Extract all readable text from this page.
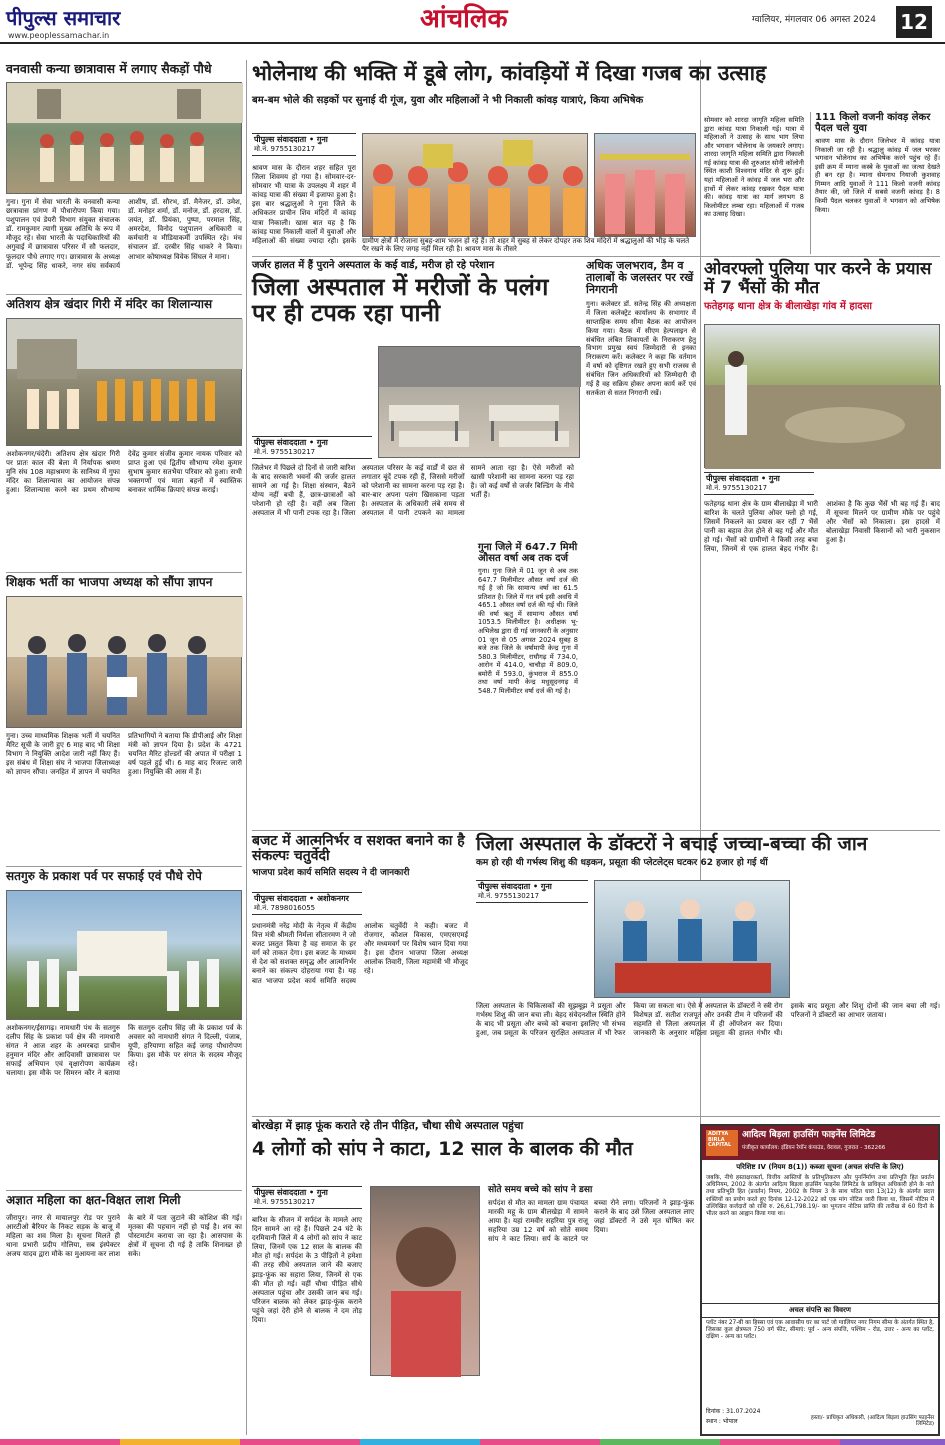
पीपुल्स समाचार
www.peoplessamachar.in
आंचलिक	ग्वालियर, मंगलवार 06 अगस्त 2024 12
वनवासी कन्या छात्रावास में लगाए सैकड़ों पौधे
गुना। गुना में सेवा भारती के वनवासी कन्या छात्रावास प्रांगण में पौधारोपण किया गया। पशुपालन एवं डेयरी विभाग संयुक्त संचालक डॉ. रामकुमार त्यागी मुख्य अतिथि के रूप में मौजूद रहे। सेवा भारती के पदाधिकारियों की अगुवाई में छात्रावास परिसर में सौ फलदार, फूलदार पौधे लगाए गए। छात्रावास के अध्यक्ष डॉ. भूपेन्द्र सिंह धाकरे, नगर संघ सर्वकार्य आशीष, डॉ. सौरभ, डॉ. मैनेजर, डॉ. उमेश, डॉ. मनोहर शर्मा, डॉ. मनोज, डॉ. हरदास, डॉ. जयंत, डॉ. प्रियंका, पुष्पा, परमाल सिंह, अमरदेश, विनोद पशुपालन अधिकारी व कर्मचारी व मीडियाकर्मी उपस्थित रहे। मंच संचालन डॉ. दरबीर सिंह धाकरे ने किया। आभार कोषाध्यक्ष विवेक सिंघल ने माना।
अतिशय क्षेत्र खंदार गिरी में मंदिर का शिलान्यास
अशोकनगर/चंदेरी। अतिशय क्षेत्र खंदार गिरी पर प्रातः काल की बेला में निर्यापक श्रमण मुनि संघ 108 महाश्रमण के सानिध्य में गुफा मंदिर का शिलान्यास का आयोजन संपन्न हुआ। शिलान्यास करने का प्रथम सौभाग्य देवेंद्र कुमार संजीव कुमार नायक परिवार को प्राप्त हुआ एवं द्वितीय सौभाग्य रमेश कुमार सुभाष कुमार सतभैया परिवार को हुआ। सभी भक्तगणों एवं माता बहनों में स्वास्तिक बनाकर धार्मिक क्रियाएं संपन्न कराई।
शिक्षक भर्ती का भाजपा अध्यक्ष को सौंपा ज्ञापन
गुना। उच्च माध्यमिक शिक्षक भर्ती में चयनित मैरिट सूची के जारी हुए 6 माह बाद भी शिक्षा विभाग ने नियुक्ति आदेश जारी नहीं किए हैं। इस संबंध में शिक्षा संघ ने भाजपा जिलाध्यक्ष को ज्ञापन सौंपा। जनहित में ज्ञापन में चयनित प्रतिभागियों ने बताया कि डीपीआई और शिक्षा मंत्री को ज्ञापन दिया है। प्रदेश के 4721 चयनित मैरिट होल्डरों की अपात में परीक्षा 1 वर्ष पहले हुई थी। 6 माह बाद रिजल्ट जारी हुआ। नियुक्ति की आस में हैं।
सतगुरु के प्रकाश पर्व पर सफाई एवं पौधे रोपे
अशोकनगर/ईसागढ़। नामधारी पंथ के सतगुरु दलीप सिंह के प्रकाश पर्व क्षेत्र की नामधारी संगत ने आज शहर के अमरबदा प्राचीन हनुमान मंदिर और आदिवासी छात्रावास पर सफाई अभियान एवं वृक्षारोपण कार्यक्रम चलाया। इस मौके पर सिमरन कौर ने बताया कि सतगुरु दलीप सिंह जी के प्रकाश पर्व के अवसर को नामधारी संगत ने दिल्ली, पंजाब, यूपी, हरियाणा सहित कई जगह पौधारोपण किया। इस मौके पर संगत के सदस्य मौजूद रहे।
अज्ञात महिला का क्षत-विक्षत लाश मिली
जीरापुर। नगर से मायालपुर रोड पर पुराने आरटीओ बैरियर के निकट सड़क के बाजू में महिला का शव मिला है। सूचना मिलते ही थाना प्रभारी प्रदीप गोलिया, सब इंस्पेक्टर अजय यादव द्वारा मौके का मुआयना कर लाश के बारे में पता जुटाने की कोशिश की गई। मृतका की पहचान नहीं हो पाई है। शव का पोस्टमार्टम कराया जा रहा है। आसपास के क्षेत्रों में सूचना दी गई है ताकि शिनाख्त हो सके।
भोलेनाथ की भक्ति में डूबे लोग, कांवड़ियों में दिखा गजब का उत्साह
बम-बम भोले की सड़कों पर सुनाई दी गूंज, युवा और महिलाओं ने भी निकाली कांवड़ यात्राएं, किया अभिषेक
पीपुल्स संवाददाता • गुना
मो.नं. 9755130217
श्रावण मास के दौरान शहर सहित पूरा जिला शिवमय हो गया है। सोमवार-दर-सोमवार भी यात्रा के उपलक्ष्य में शहर में कांवड़ यात्रा की संख्या में इजाफा हुआ है। इस बार श्रद्धालुओं ने गुना जिले के अधिकतर प्राचीन शिव मंदिरों में कांवड़ यात्रा निकाली। खास बात यह है कि कांवड़ यात्रा निकाली वालों में युवाओं और महिलाओं की संख्या ज्यादा रही। इसके ग्रामीण क्षेत्रों में रोजाना सुबह-शाम भजन हो रहे हैं। तो शहर में सुबह से लेकर दोपहर तक शिव मंदिरों में श्रद्धालुओं की भीड़ के चलते पैर रखने के लिए जगह नहीं मिल रही है। श्रावण मास के तीसरे
सोमवार को शारदा जागृति महिला समिति द्वारा कांवड़ यात्रा निकाली गई। यात्रा में महिलाओं ने उत्साह के साथ भाग लिया और भगवान भोलेनाथ के जयकारे लगाए। शारदा जागृति महिला समिति द्वारा निकाली गई कांवड़ यात्रा की शुरुआत सोनी कॉलोनी स्थित काशी विश्वनाथ मंदिर से शुरू हुई। यहां महिलाओं ने कांवड़ में जल भरा और हाथों में लेकर कांवड़ रखकर पैदल यात्रा की। कांवड़ यात्रा का मार्ग लगभग 8 किलोमीटर लम्बा रहा। महिलाओं में गजब का उत्साह दिखा।
111 किलो वजनी कांवड़ लेकर पैदल चले युवा
श्रावण मास के दौरान जिलेभर में कांवड़ यात्रा निकाली जा रही है। श्रद्धालु कांवड़ में जल भरकर भगवान भोलेनाथ का अभिषेक करने पहुंच रहे हैं। इसी क्रम में म्याना कस्बे के युवाओं का जत्था देखते ही बन रहा है। म्याना सेमनाथ नियाजी कुशवाह गिम्मन आदि युवाओं ने 111 किलो वजनी कांवड़ तैयार की, जो जिले में सबसे वजनी कांवड़ है। 8 किमी पैदल चलकर युवाओं ने भगवान को अभिषेक किया।
जर्जर हालत में हैं पुराने अस्पताल के कई वार्ड, मरीज हो रहे परेशान
जिला अस्पताल में मरीजों के पलंग पर ही टपक रहा पानी
पीपुल्स संवाददाता • गुना
मो.नं. 9755130217
जिलेभर में पिछले दो दिनों से जारी बारिश के बाद सरकारी भवनों की जर्जर हालत सामने आ गई है। शिक्षा संस्थान, बैठने योग्य नहीं बची हैं, छात्र-छात्राओं को परेशानी हो रही है। वहीं अब जिला अस्पताल में भी पानी टपक रहा है। जिला अस्पताल परिसर के कई वार्डों में छत से लगातार बूंदें टपक रही हैं, जिससे मरीजों को परेशानी का सामना करना पड़ रहा है। बार-बार अपना पलंग खिसकाना पड़ता है। अस्पताल के अधिकारी लंबे समय से अस्पताल में पानी टपकने का मामला सामने आता रहा है। ऐसे मरीजों को खासी परेशानी का सामना करना पड़ रहा है। जो कई वर्षों से जर्जर बिल्डिंग के नीचे भर्ती हैं।
गुना जिले में 647.7 मिमी औसत वर्षा अब तक दर्ज
गुना। गुना जिले में 01 जून से अब तक 647.7 मिलीमीटर औसत वर्षा दर्ज की गई है जो कि सामान्य वर्षा का 61.5 प्रतिशत है। जिले में गत वर्ष इसी अवधि में 465.1 औसत वर्षा दर्ज की गई थी। जिले की वर्षा ऋतु में सामान्य औसत वर्षा 1053.5 मिलीमीटर है। अधीक्षक भू-अभिलेख द्वारा दी गई जानकारी के अनुसार 01 जून से 05 अगस्त 2024 सुबह 8 बजे तक जिले के वर्षामापी केन्द्र गुना में 580.3 मिलीमीटर, राघौगढ़ में 734.0, आरोन में 414.0, चाचौड़ा में 809.0, बमोरी में 593.0, कुंभराज में 855.0 तथा वर्षा मापी केन्द्र मधुसूदनगढ़ में 548.7 मिलीमीटर वर्षा दर्ज की गई है।
अधिक जलभराव, डैम व तालाबों के जलस्तर पर रखें निगरानी
गुना। कलेक्टर डॉ. सतेन्द्र सिंह की अध्यक्षता में जिला कलेक्ट्रेट कार्यालय के सभागार में साप्ताहिक समय सीमा बैठक का आयोजन किया गया। बैठक में सीएम हेल्पलाइन से संबंधित लंबित शिकायतों के निराकरण हेतु विभाग प्रमुख स्वयं जिम्मेदारी से इनका निराकरण करें। कलेक्टर ने कहा कि वर्तमान में वर्षा को दृष्टिगत रखते हुए सभी राजस्व से संबंधित जिन अधिकारियों को जिम्मेदारी दी गई है वह सक्रिय होकर अपना कार्य करें एवं सतर्कता से सतत निगरानी रखें।
ओवरफ्लो पुलिया पार करने के प्रयास में 7 भैंसों की मौत
फतेहगढ़ थाना क्षेत्र के बीलाखेड़ा गांव में हादसा
पीपुल्स संवाददाता • गुना
मो.नं. 9755130217
फतेहगढ़ थाना क्षेत्र के ग्राम बीलाखेड़ा में भारी बारिश के चलते पुलिया ओवर फ्लो हो गई, जिसमें निकलने का प्रयास कर रहीं 7 भैंसें पानी का बहाव तेज होने से बह गईं और मौत हो गई। भैंसों को ग्रामीणों ने किसी तरह बचा लिया, जिनमें से एक हालत बेहद गंभीर है। आशंका है कि कुछ भैंसें भी बह गई हैं। बाद में सूचना मिलने पर ग्रामीण मौके पर पहुंचे और भैंसों को निकाला। इस हादसे में बोलाखेड़ा निवासी किसानों को भारी नुकसान हुआ है।
बजट में आत्मनिर्भर व सशक्त बनाने का है संकल्पः चतुर्वेदी
भाजपा प्रदेश कार्य समिति सदस्य ने दी जानकारी
पीपुल्स संवाददाता • अशोकनगर
मो.नं. 7898016055
प्रधानमंत्री नरेंद्र मोदी के नेतृत्व में केंद्रीय वित्त मंत्री श्रीमती निर्मला सीतारमण ने जो बजट प्रस्तुत किया है वह समाज के हर वर्ग को ताकत देगा। इस बजट के माध्यम से देश को सशक्त समृद्ध और आत्मनिर्भर बनाने का संकल्प दोहराया गया है। यह बात भाजपा प्रदेश कार्य समिति सदस्य आलोक चतुर्वेदी ने कही। बजट में रोजगार, कौशल विकास, एमएसएमई और मध्यमवर्ग पर विशेष ध्यान दिया गया है। इस दौरान भाजपा जिला अध्यक्ष आलोक तिवारी, जिला महामंत्री भी मौजूद रहे।
जिला अस्पताल के डॉक्टरों ने बचाई जच्चा-बच्चा की जान
कम हो रही थी गर्भस्थ शिशु की धड़कन, प्रसूता की प्लेटलेट्स घटकर 62 हजार हो गई थीं
पीपुल्स संवाददाता • गुना
मो.नं. 9755130217
जिला अस्पताल के चिकित्सकों की सूझबूझ ने प्रसूता और गर्भस्थ शिशु की जान बचा ली। बेहद संवेदनशील स्थिति होने के बाद भी प्रसूता और बच्चे को बचाना इसलिए भी संभव हुआ, जब प्रसूता के परिजन सुरक्षित अस्पताल में भी रेफर किया जा सकता था। ऐसे में अस्पताल के डॉक्टरों ने स्त्री रोग विशेषज्ञ डॉ. सतीश राजपूत और उनकी टीम ने परिजनों की सहमति से जिला अस्पताल में ही ऑपरेशन कर दिया। जानकारी के अनुसार महिला प्रसूता की हालत गंभीर थी। इसके बाद प्रसूता और शिशु दोनों की जान बचा ली गई। परिजनों ने डॉक्टरों का आभार जताया।
बोरखेड़ा में झाड़ फूंक कराते रहे तीन पीड़ित, चौथा सीधे अस्पताल पहुंचा
4 लोगों को सांप ने काटा, 12 साल के बालक की मौत
पीपुल्स संवाददाता • गुना
मो.नं. 9755130217
बारिश के सीजन में सर्पदंश के मामले आए दिन सामने आ रहे हैं। पिछले 24 घंटे के दरमियानी जिले में 4 लोगों को सांप ने काट लिया, जिनमें एक 12 साल के बालक की मौत हो गई। सर्पदंश के 3 पीड़ितों ने हमेशा की तरह सीधे अस्पताल जाने की बजाए झाड़-फूंक का सहारा लिया, जिनमें से एक की मौत हो गई। वहीं चौथा पीड़ित सीधे अस्पताल पहुंचा और उसकी जान बच गई। परिजन बालक को लेकर झाड़-फूंक कराने पहुंचे जहां देरी होने से बालक ने दम तोड़ दिया।
सोते समय बच्चे को सांप ने डसा
सर्पदंश से मौत का मामला ग्राम पंचायत मारकी महू के ग्राम बीलखेड़ा में सामने आया है। यहां रामवीर सहरिया पुत्र राजू सहरिया उम्र 12 वर्ष को सोते समय सांप ने काट लिया। सर्प के काटने पर बच्चा रोने लगा। परिजनों ने झाड़-फूंक कराने के बाद उसे जिला अस्पताल लाए जहां डॉक्टरों ने उसे मृत घोषित कर दिया।
ADITYA BIRLA CAPITAL
आदित्य बिड़ला हाउसिंग फाइनेंस लिमिटेड
पंजीकृत कार्यालय: इंडियन रेयॉन कंपाउंड, वेरावल, गुजरात - 362266
परिशिष्ट IV (नियम 8(1)) कब्जा सूचना (अचल संपत्ति के लिए)
जबकि, नीचे हस्ताक्षरकर्ता, वित्तीय आस्तियों के प्रतिभूतिकरण और पुनर्निर्माण तथा प्रतिभूति हित प्रवर्तन अधिनियम, 2002 के अंतर्गत आदित्य बिड़ला हाउसिंग फाइनेंस लिमिटेड के प्राधिकृत अधिकारी होने के नाते तथा प्रतिभूति हित (प्रवर्तन) नियम, 2002 के नियम 3 के साथ पठित धारा 13(12) के अंतर्गत प्रदत्त शक्तियों का प्रयोग करते हुए दिनांक 12-12-2022 को एक मांग नोटिस जारी किया था, जिसमें नोटिस में उल्लिखित कर्जदारों को राशि रु. 26,61,798.19/- का भुगतान नोटिस प्राप्ति की तारीख से 60 दिनों के भीतर करने का आह्वान किया गया था।
अचल संपत्ति का विवरण
प्लॉट नंबर 27-बी का हिस्सा एवं एक आवासीय घर का पार्ट जो ग्वालियर नगर निगम सीमा के अंतर्गत स्थित है, जिसका कुल क्षेत्रफल 750 वर्ग फीट, सीमाएं: पूर्व - अन्य संपत्ति, पश्चिम - रोड, उत्तर - अन्य का प्लॉट, दक्षिण - अन्य का प्लॉट।
दिनांक : 31.07.2024
स्थान : भोपाल
हस्ता/- प्राधिकृत अधिकारी, (आदित्य बिड़ला हाउसिंग फाइनेंस लिमिटेड)
